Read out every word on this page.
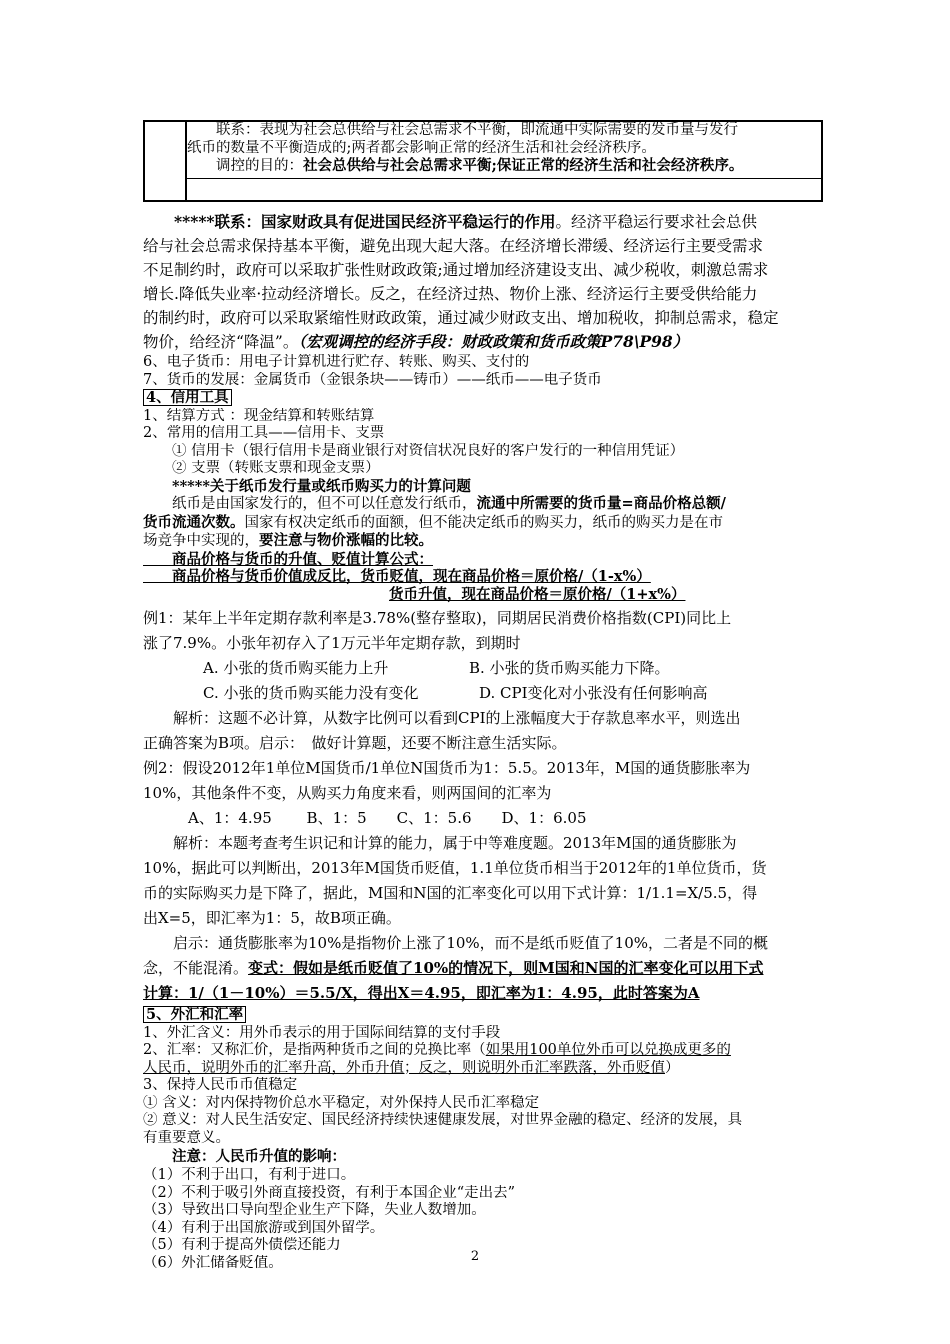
　　联系：表现为社会总供给与社会总需求不平衡，即流通中实际需要的发币量与发行
纸币的数量不平衡造成的;两者都会影响正常的经济生活和社会经济秩序。
　　调控的目的：社会总供给与社会总需求平衡;保证正常的经济生活和社会经济秩序。
　　*****联系：国家财政具有促进国民经济平稳运行的作用。经济平稳运行要求社会总供
给与社会总需求保持基本平衡，避免出现大起大落。在经济增长滞缓、经济运行主要受需求
不足制约时，政府可以采取扩张性财政政策;通过增加经济建设支出、减少税收，刺激总需求
增长.降低失业率·拉动经济增长。反之，在经济过热、物价上涨、经济运行主要受供给能力
的制约时，政府可以采取紧缩性财政政策，通过减少财政支出、增加税收，抑制总需求，稳定
物价，给经济“降温”。（宏观调控的经济手段：财政政策和货币政策P78\P98）
6、电子货币：用电子计算机进行贮存、转账、购买、支付的
7、货币的发展：金属货币（金银条块——铸币）——纸币——电子货币
4、信用工具
1、结算方式 ：现金结算和转账结算
2、常用的信用工具——信用卡、支票
　　① 信用卡（银行信用卡是商业银行对资信状况良好的客户发行的一种信用凭证）
　　② 支票（转账支票和现金支票）
　　*****关于纸币发行量或纸币购买力的计算问题
　　纸币是由国家发行的，但不可以任意发行纸币，流通中所需要的货币量=商品价格总额/
货币流通次数。国家有权决定纸币的面额，但不能决定纸币的购买力，纸币的购买力是在市
场竞争中实现的，要注意与物价涨幅的比较。
　　商品价格与货币的升值、贬值计算公式：
　　商品价格与货币价值成反比，货币贬值，现在商品价格＝原价格/（1-x%）
货币升值，现在商品价格＝原价格/（1+x%）
例1：某年上半年定期存款利率是3.78%(整存整取)，同期居民消费价格指数(CPI)同比上
涨了7.9%。小张年初存入了1万元半年定期存款，到期时
A. 小张的货币购买能力上升	B. 小张的货币购买能力下降。
C. 小张的货币购买能力没有变化	D. CPI变化对小张没有任何影响高
　　解析：这题不必计算，从数字比例可以看到CPI的上涨幅度大于存款息率水平，则选出
正确答案为B项。启示：　做好计算题，还要不断注意生活实际。
例2：假设2012年1单位M国货币/1单位N国货币为1：5.5。2013年，M国的通货膨胀率为
10%，其他条件不变，从购买力角度来看，则两国间的汇率为
　　　A、1：4.95　　 B、1：5　　C、1：5.6　　D、1：6.05
　　解析：本题考查考生识记和计算的能力，属于中等难度题。2013年M国的通货膨胀为
10%，据此可以判断出，2013年M国货币贬值，1.1单位货币相当于2012年的1单位货币，货
币的实际购买力是下降了，据此，M国和N国的汇率变化可以用下式计算：1/1.1=X/5.5，得
出X=5，即汇率为1：5，故B项正确。
　　启示：通货膨胀率为10%是指物价上涨了10%，而不是纸币贬值了10%，二者是不同的概
念，不能混淆。变式：假如是纸币贬值了10%的情况下，则M国和N国的汇率变化可以用下式
计算：1/（1－10%）＝5.5/X，得出X＝4.95，即汇率为1：4.95，此时答案为A
5、外汇和汇率
1、外汇含义：用外币表示的用于国际间结算的支付手段
2、汇率：又称汇价，是指两种货币之间的兑换比率（如果用100单位外币可以兑换成更多的
人民币，说明外币的汇率升高，外币升值；反之，则说明外币汇率跌落，外币贬值）
3、保持人民币币值稳定
① 含义：对内保持物价总水平稳定，对外保持人民币汇率稳定
② 意义：对人民生活安定、国民经济持续快速健康发展，对世界金融的稳定、经济的发展，具
有重要意义。
　　注意：人民币升值的影响：
（1）不利于出口，有利于进口。
（2）不利于吸引外商直接投资，有利于本国企业“走出去”
（3）导致出口导向型企业生产下降，失业人数增加。
（4）有利于出国旅游或到国外留学。
（5）有利于提高外债偿还能力
（6）外汇储备贬值。	2
